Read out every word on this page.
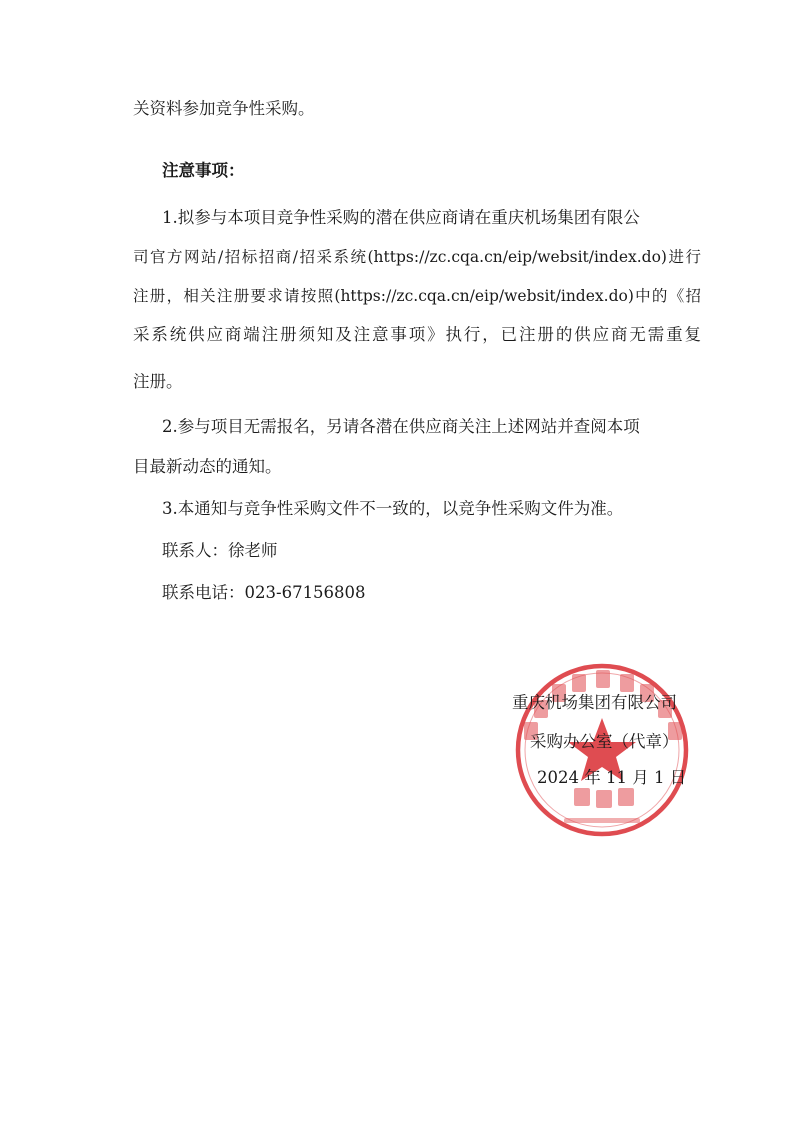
关资料参加竞争性采购。

注意事项：

1.拟参与本项目竞争性采购的潜在供应商请在重庆机场集团有限公

司官方网站/招标招商/招采系统(https://zc.cqa.cn/eip/websit/index.do)进行

注册，相关注册要求请按照(https://zc.cqa.cn/eip/websit/index.do)中的《招

采系统供应商端注册须知及注意事项》执行，已注册的供应商无需重复

注册。

2.参与项目无需报名，另请各潜在供应商关注上述网站并查阅本项

目最新动态的通知。

3.本通知与竞争性采购文件不一致的，以竞争性采购文件为准。

联系人：徐老师

联系电话：023-67156808

重庆机场集团有限公司

采购办公室（代章）

2024 年 11 月 1 日
